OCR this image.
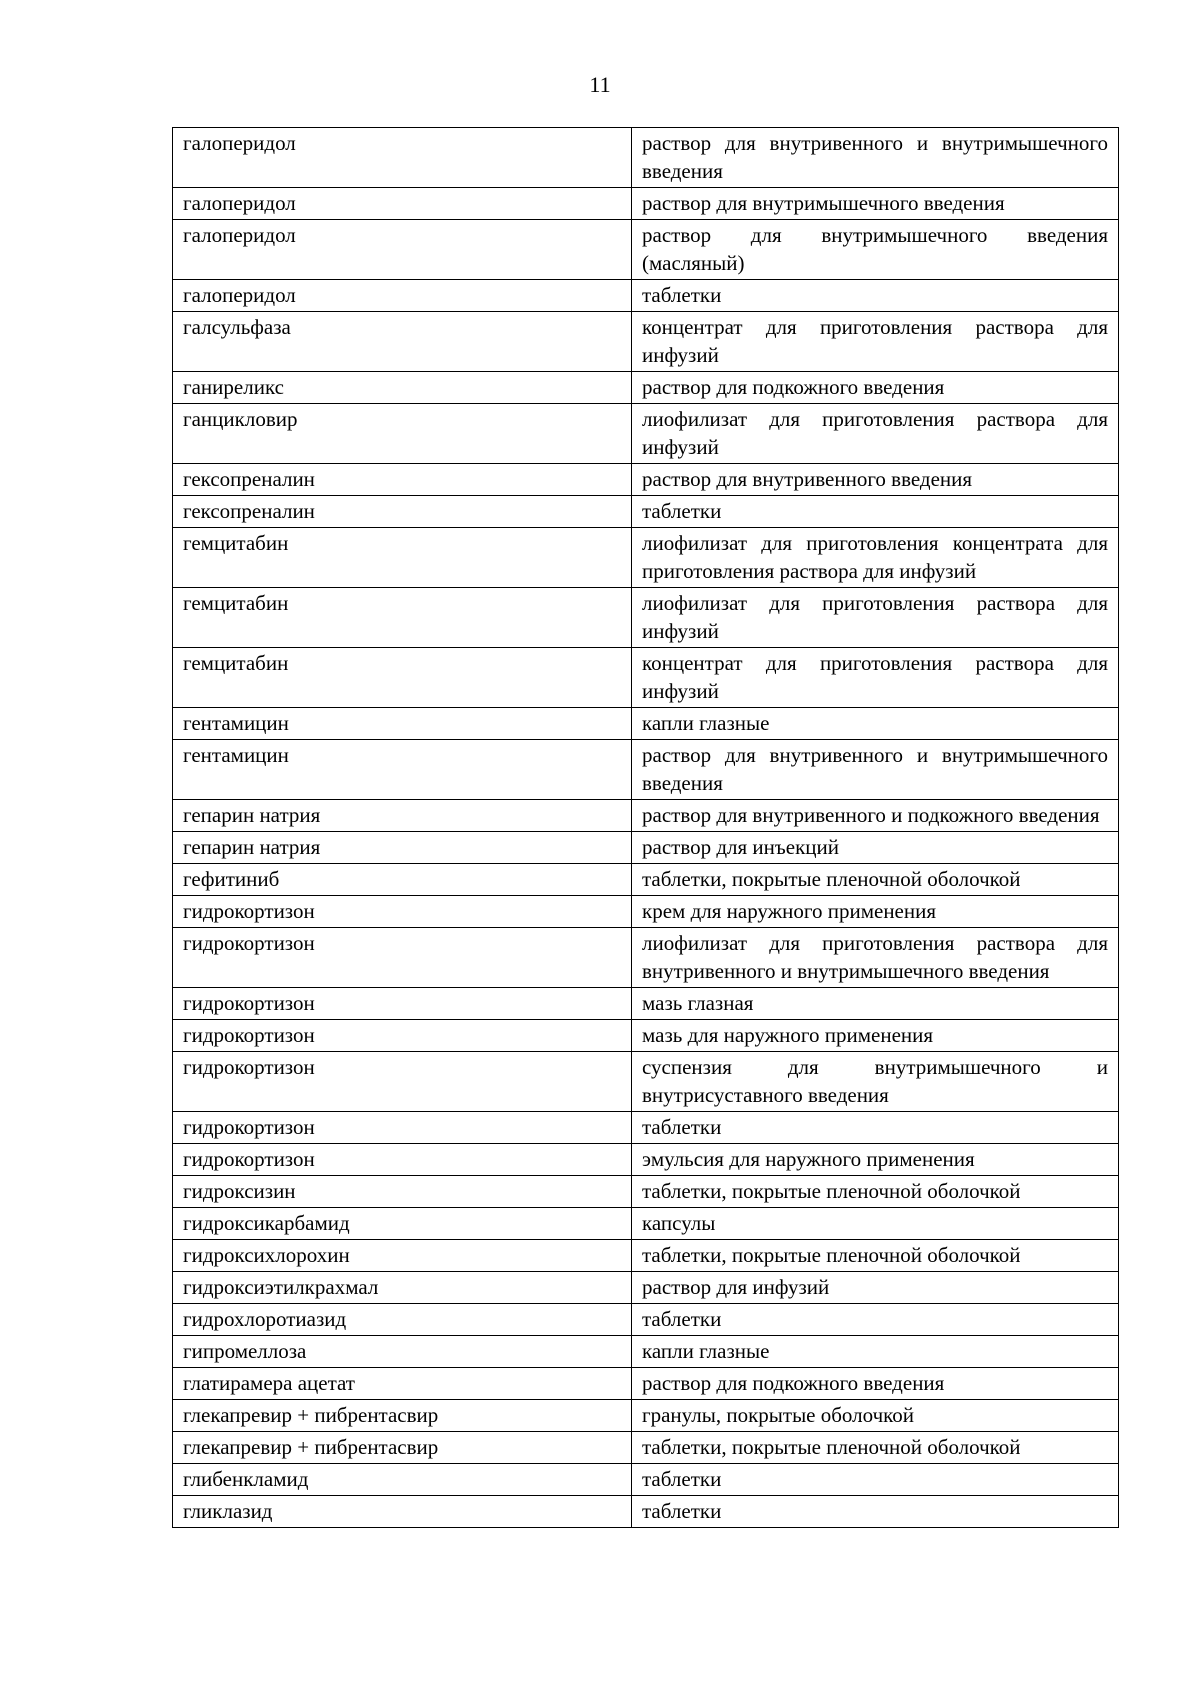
11
галоперидол	раствор для внутривенного и внутримышечного введения
галоперидол	раствор для внутримышечного введения
галоперидол	раствор для внутримышечного введения (масляный)
галоперидол	таблетки
галсульфаза	концентрат для приготовления раствора для инфузий
ганиреликс	раствор для подкожного введения
ганцикловир	лиофилизат для приготовления раствора для инфузий
гексопреналин	раствор для внутривенного введения
гексопреналин	таблетки
гемцитабин	лиофилизат для приготовления концентрата для приготовления раствора для инфузий
гемцитабин	лиофилизат для приготовления раствора для инфузий
гемцитабин	концентрат для приготовления раствора для инфузий
гентамицин	капли глазные
гентамицин	раствор для внутривенного и внутримышечного введения
гепарин натрия	раствор для внутривенного и подкожного введения
гепарин натрия	раствор для инъекций
гефитиниб	таблетки, покрытые пленочной оболочкой
гидрокортизон	крем для наружного применения
гидрокортизон	лиофилизат для приготовления раствора для внутривенного и внутримышечного введения
гидрокортизон	мазь глазная
гидрокортизон	мазь для наружного применения
гидрокортизон	суспензия для внутримышечного и внутрисуставного введения
гидрокортизон	таблетки
гидрокортизон	эмульсия для наружного применения
гидроксизин	таблетки, покрытые пленочной оболочкой
гидроксикарбамид	капсулы
гидроксихлорохин	таблетки, покрытые пленочной оболочкой
гидроксиэтилкрахмал	раствор для инфузий
гидрохлоротиазид	таблетки
гипромеллоза	капли глазные
глатирамера ацетат	раствор для подкожного введения
глекапревир + пибрентасвир	гранулы, покрытые оболочкой
глекапревир + пибрентасвир	таблетки, покрытые пленочной оболочкой
глибенкламид	таблетки
гликлазид	таблетки
